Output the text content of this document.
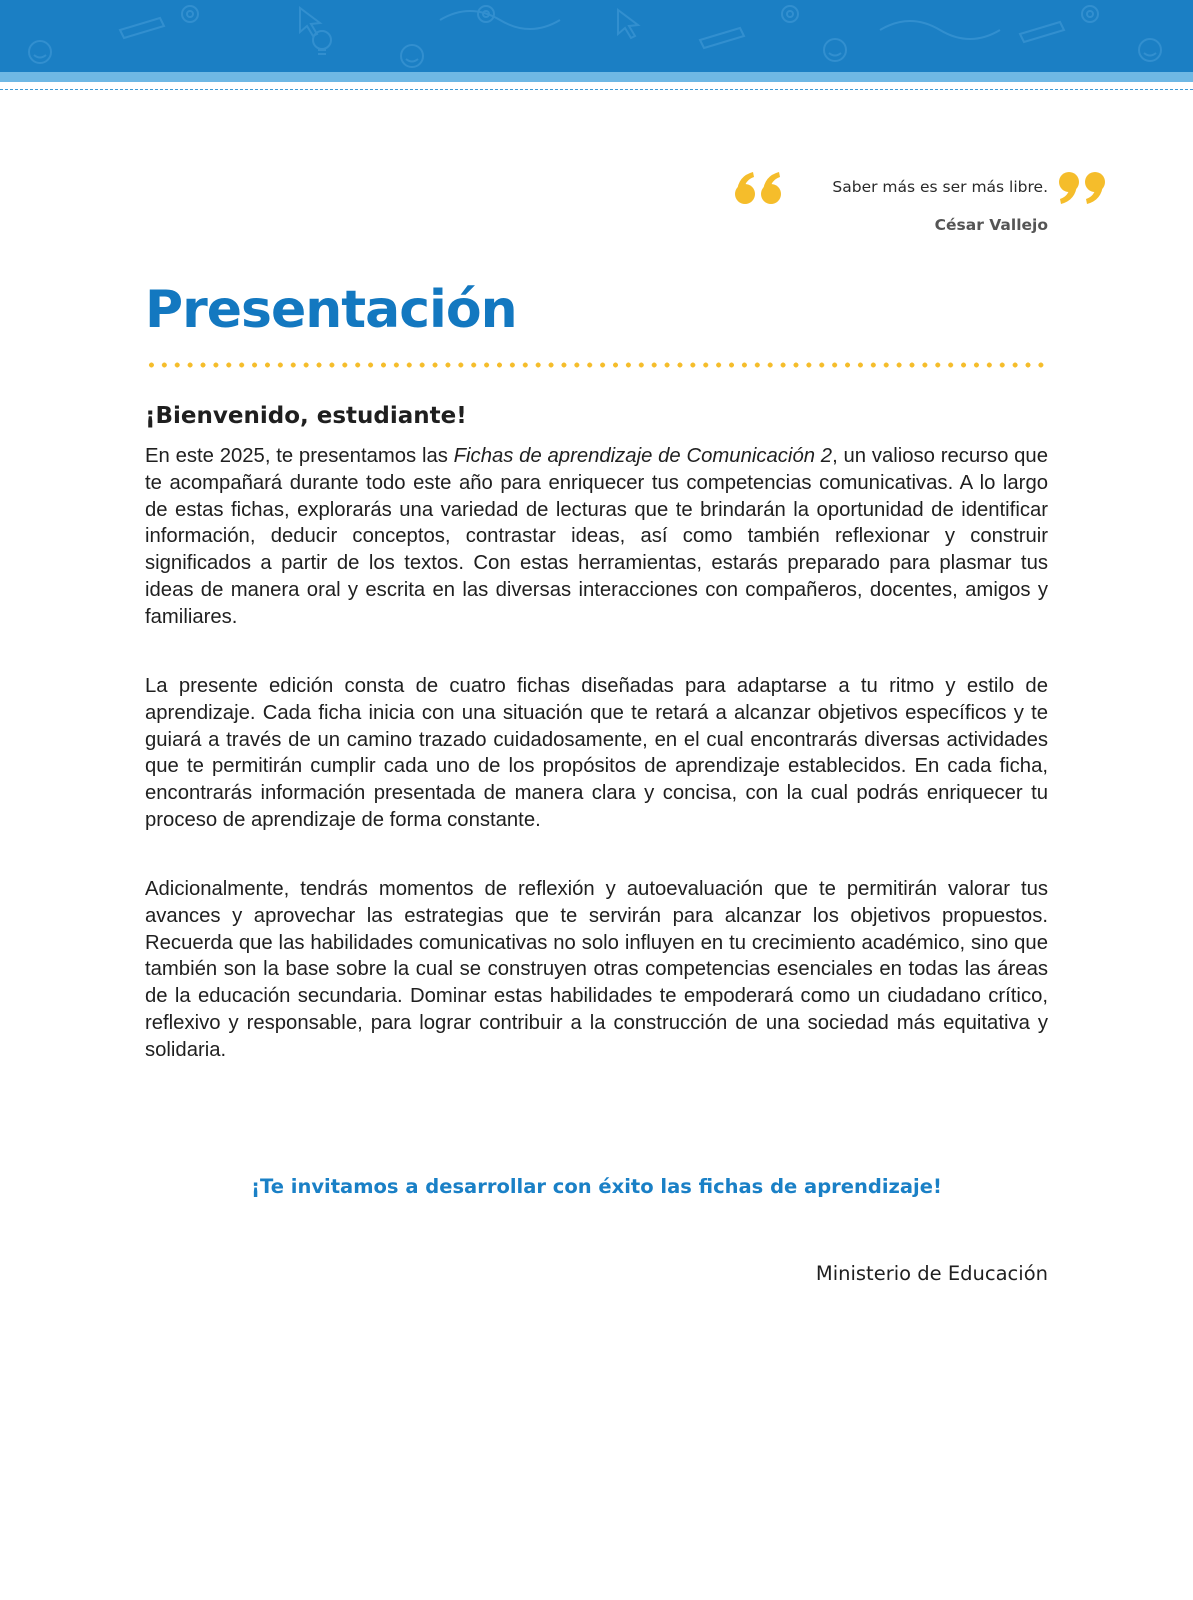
Saber más es ser más libre.
César Vallejo
Presentación
¡Bienvenido, estudiante!

En este 2025, te presentamos las Fichas de aprendizaje de Comunicación 2, un valioso recurso que te acompañará durante todo este año para enriquecer tus competencias comunicativas. A lo largo de estas fichas, explorarás una variedad de lecturas que te brindarán la oportunidad de identificar información, deducir conceptos, contrastar ideas, así como también reflexionar y construir significados a partir de los textos. Con estas herramientas, estarás preparado para plasmar tus ideas de manera oral y escrita en las diversas interacciones con compañeros, docentes, amigos y familiares.

La presente edición consta de cuatro fichas diseñadas para adaptarse a tu ritmo y estilo de aprendizaje. Cada ficha inicia con una situación que te retará a alcanzar objetivos específicos y te guiará a través de un camino trazado cuidadosamente, en el cual encontrarás diversas actividades que te permitirán cumplir cada uno de los propósitos de aprendizaje establecidos. En cada ficha, encontrarás información presentada de manera clara y concisa, con la cual podrás enriquecer tu proceso de aprendizaje de forma constante.

Adicionalmente, tendrás momentos de reflexión y autoevaluación que te permitirán valorar tus avances y aprovechar las estrategias que te servirán para alcanzar los objetivos propuestos. Recuerda que las habilidades comunicativas no solo influyen en tu crecimiento académico, sino que también son la base sobre la cual se construyen otras competencias esenciales en todas las áreas de la educación secundaria. Dominar estas habilidades te empoderará como un ciudadano crítico, reflexivo y responsable, para lograr contribuir a la construcción de una sociedad más equitativa y solidaria.

¡Te invitamos a desarrollar con éxito las fichas de aprendizaje!

Ministerio de Educación
